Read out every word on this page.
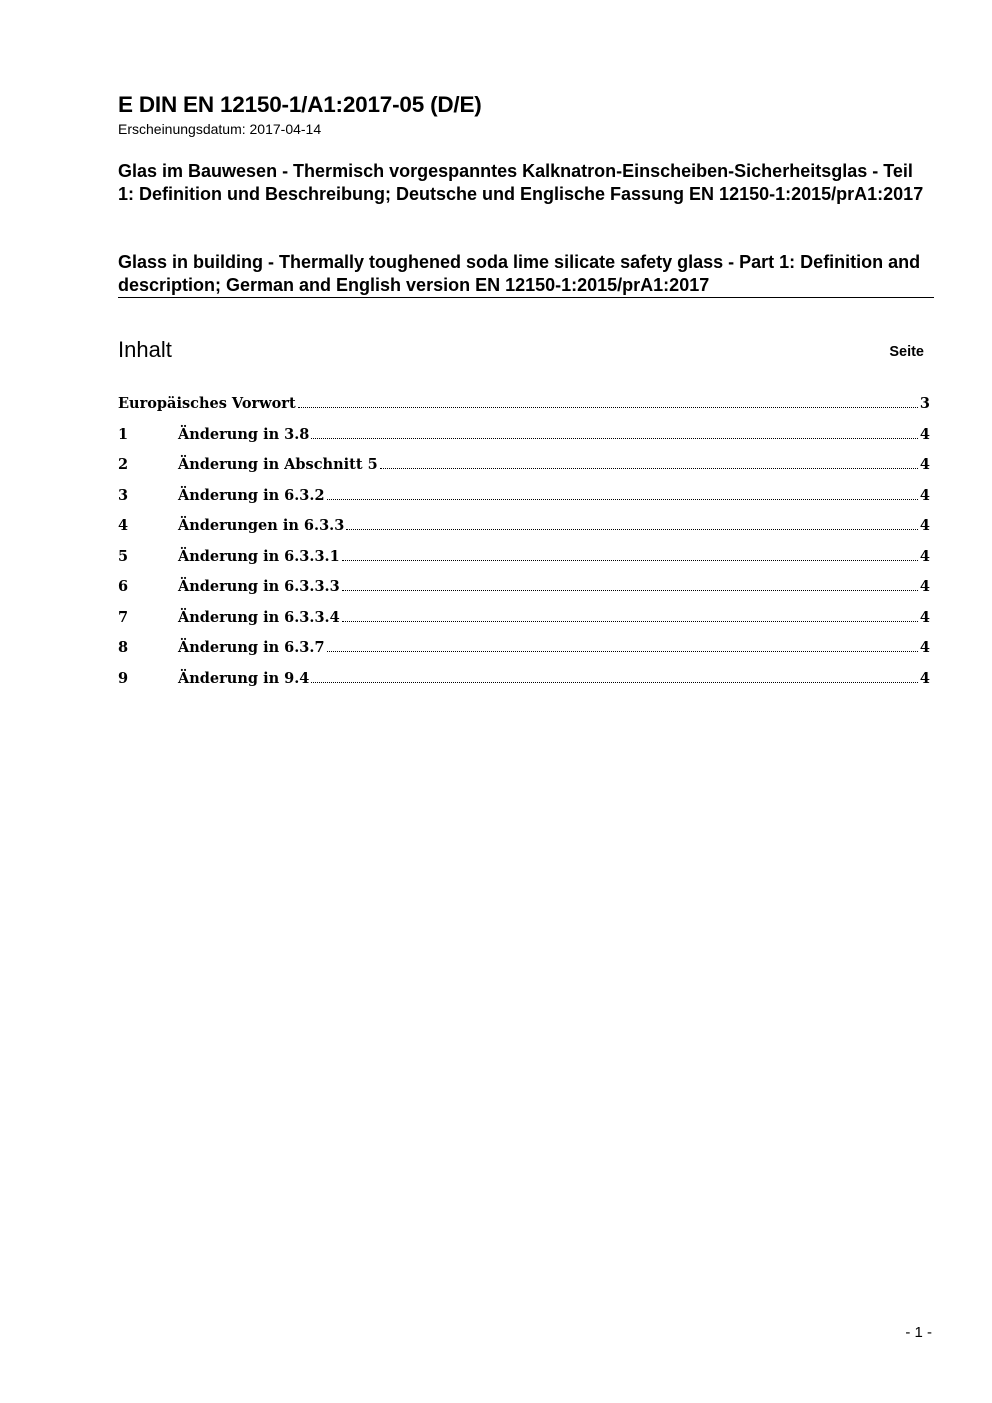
E DIN EN 12150-1/A1:2017-05 (D/E)
Erscheinungsdatum: 2017-04-14
Glas im Bauwesen - Thermisch vorgespanntes Kalknatron-Einscheiben-Sicherheitsglas - Teil 1: Definition und Beschreibung; Deutsche und Englische Fassung EN 12150-1:2015/prA1:2017
Glass in building - Thermally toughened soda lime silicate safety glass - Part 1: Definition and description; German and English version EN 12150-1:2015/prA1:2017
Inhalt	Seite
Europäisches Vorwort	3
1	Änderung in 3.8	4
2	Änderung in Abschnitt 5	4
3	Änderung in 6.3.2	4
4	Änderungen in 6.3.3	4
5	Änderung in 6.3.3.1	4
6	Änderung in 6.3.3.3	4
7	Änderung in 6.3.3.4	4
8	Änderung in 6.3.7	4
9	Änderung in 9.4	4
- 1 -
